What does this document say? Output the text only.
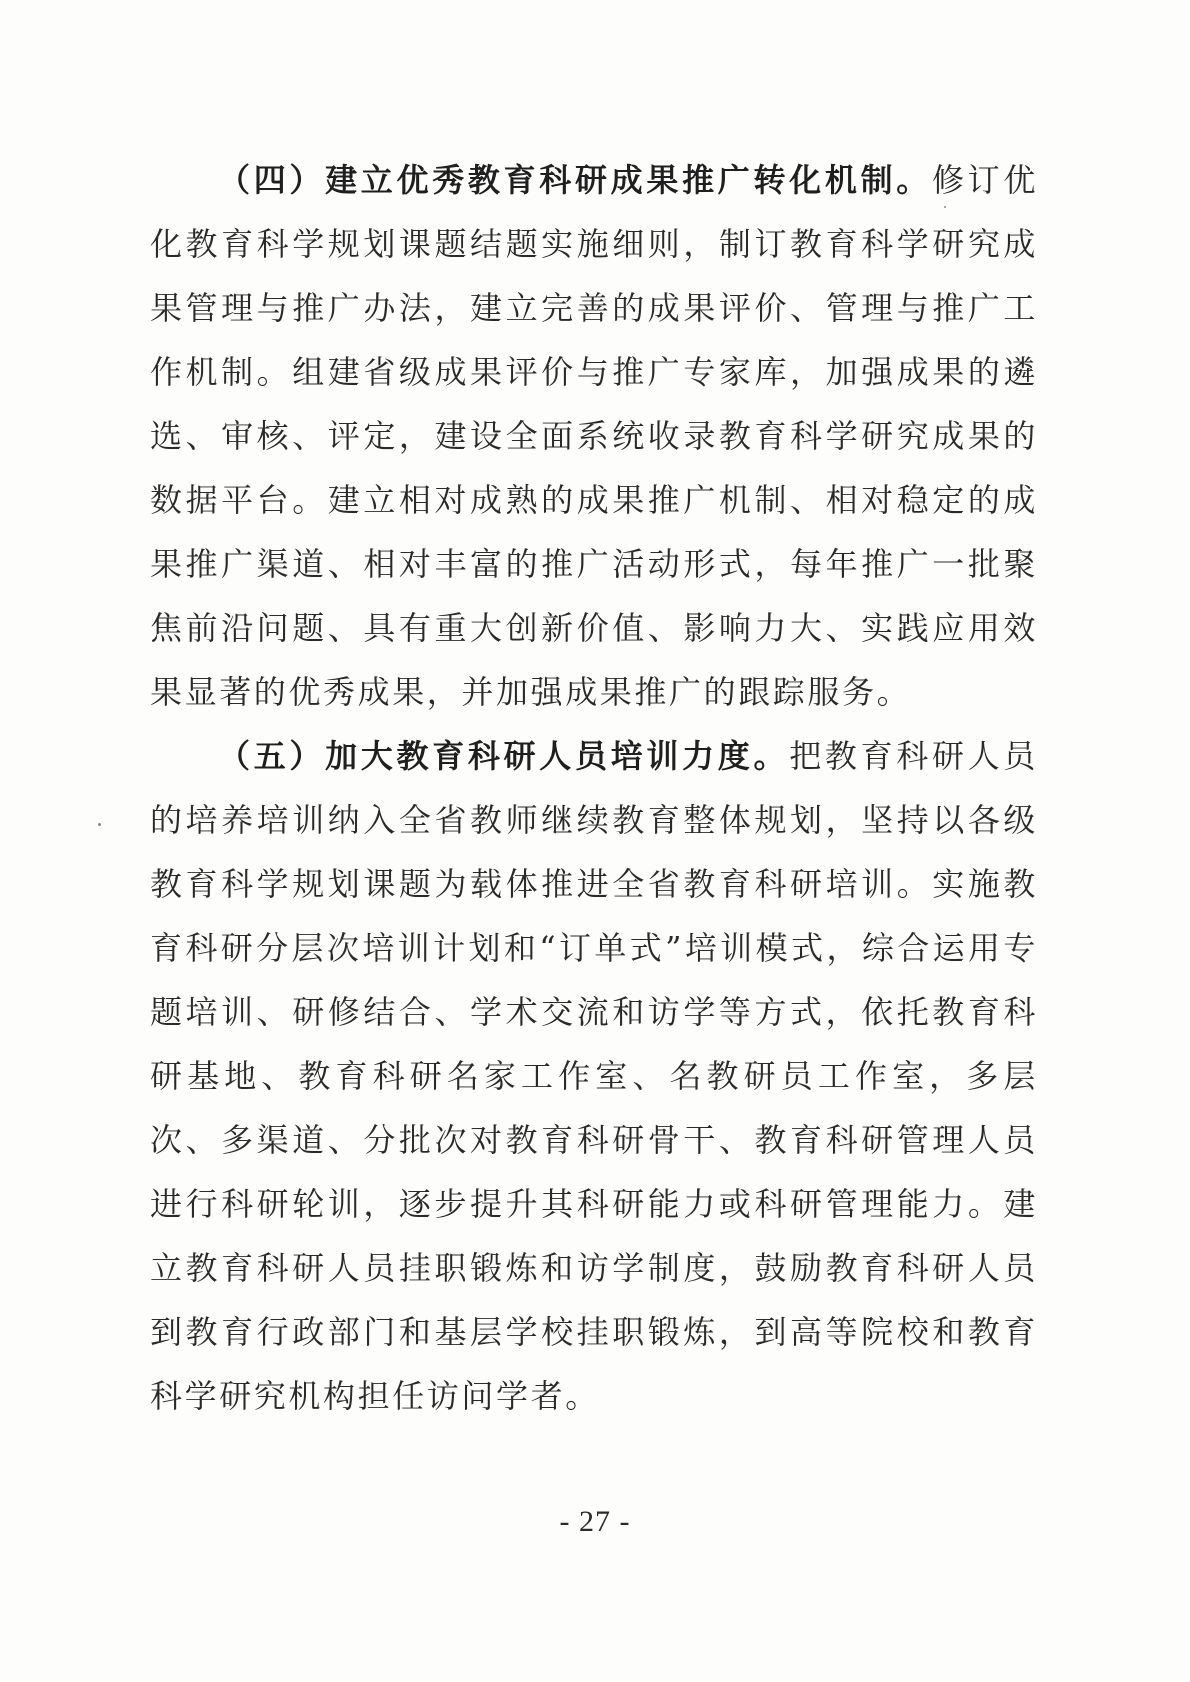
（四）建立优秀教育科研成果推广转化机制。修订优化教育科学规划课题结题实施细则，制订教育科学研究成果管理与推广办法，建立完善的成果评价、管理与推广工作机制。组建省级成果评价与推广专家库，加强成果的遴选、审核、评定，建设全面系统收录教育科学研究成果的数据平台。建立相对成熟的成果推广机制、相对稳定的成果推广渠道、相对丰富的推广活动形式，每年推广一批聚焦前沿问题、具有重大创新价值、影响力大、实践应用效果显著的优秀成果，并加强成果推广的跟踪服务。

（五）加大教育科研人员培训力度。把教育科研人员的培养培训纳入全省教师继续教育整体规划，坚持以各级教育科学规划课题为载体推进全省教育科研培训。实施教育科研分层次培训计划和“订单式”培训模式，综合运用专题培训、研修结合、学术交流和访学等方式，依托教育科研基地、教育科研名家工作室、名教研员工作室，多层次、多渠道、分批次对教育科研骨干、教育科研管理人员进行科研轮训，逐步提升其科研能力或科研管理能力。建立教育科研人员挂职锻炼和访学制度，鼓励教育科研人员到教育行政部门和基层学校挂职锻炼，到高等院校和教育科学研究机构担任访问学者。

- 27 -
